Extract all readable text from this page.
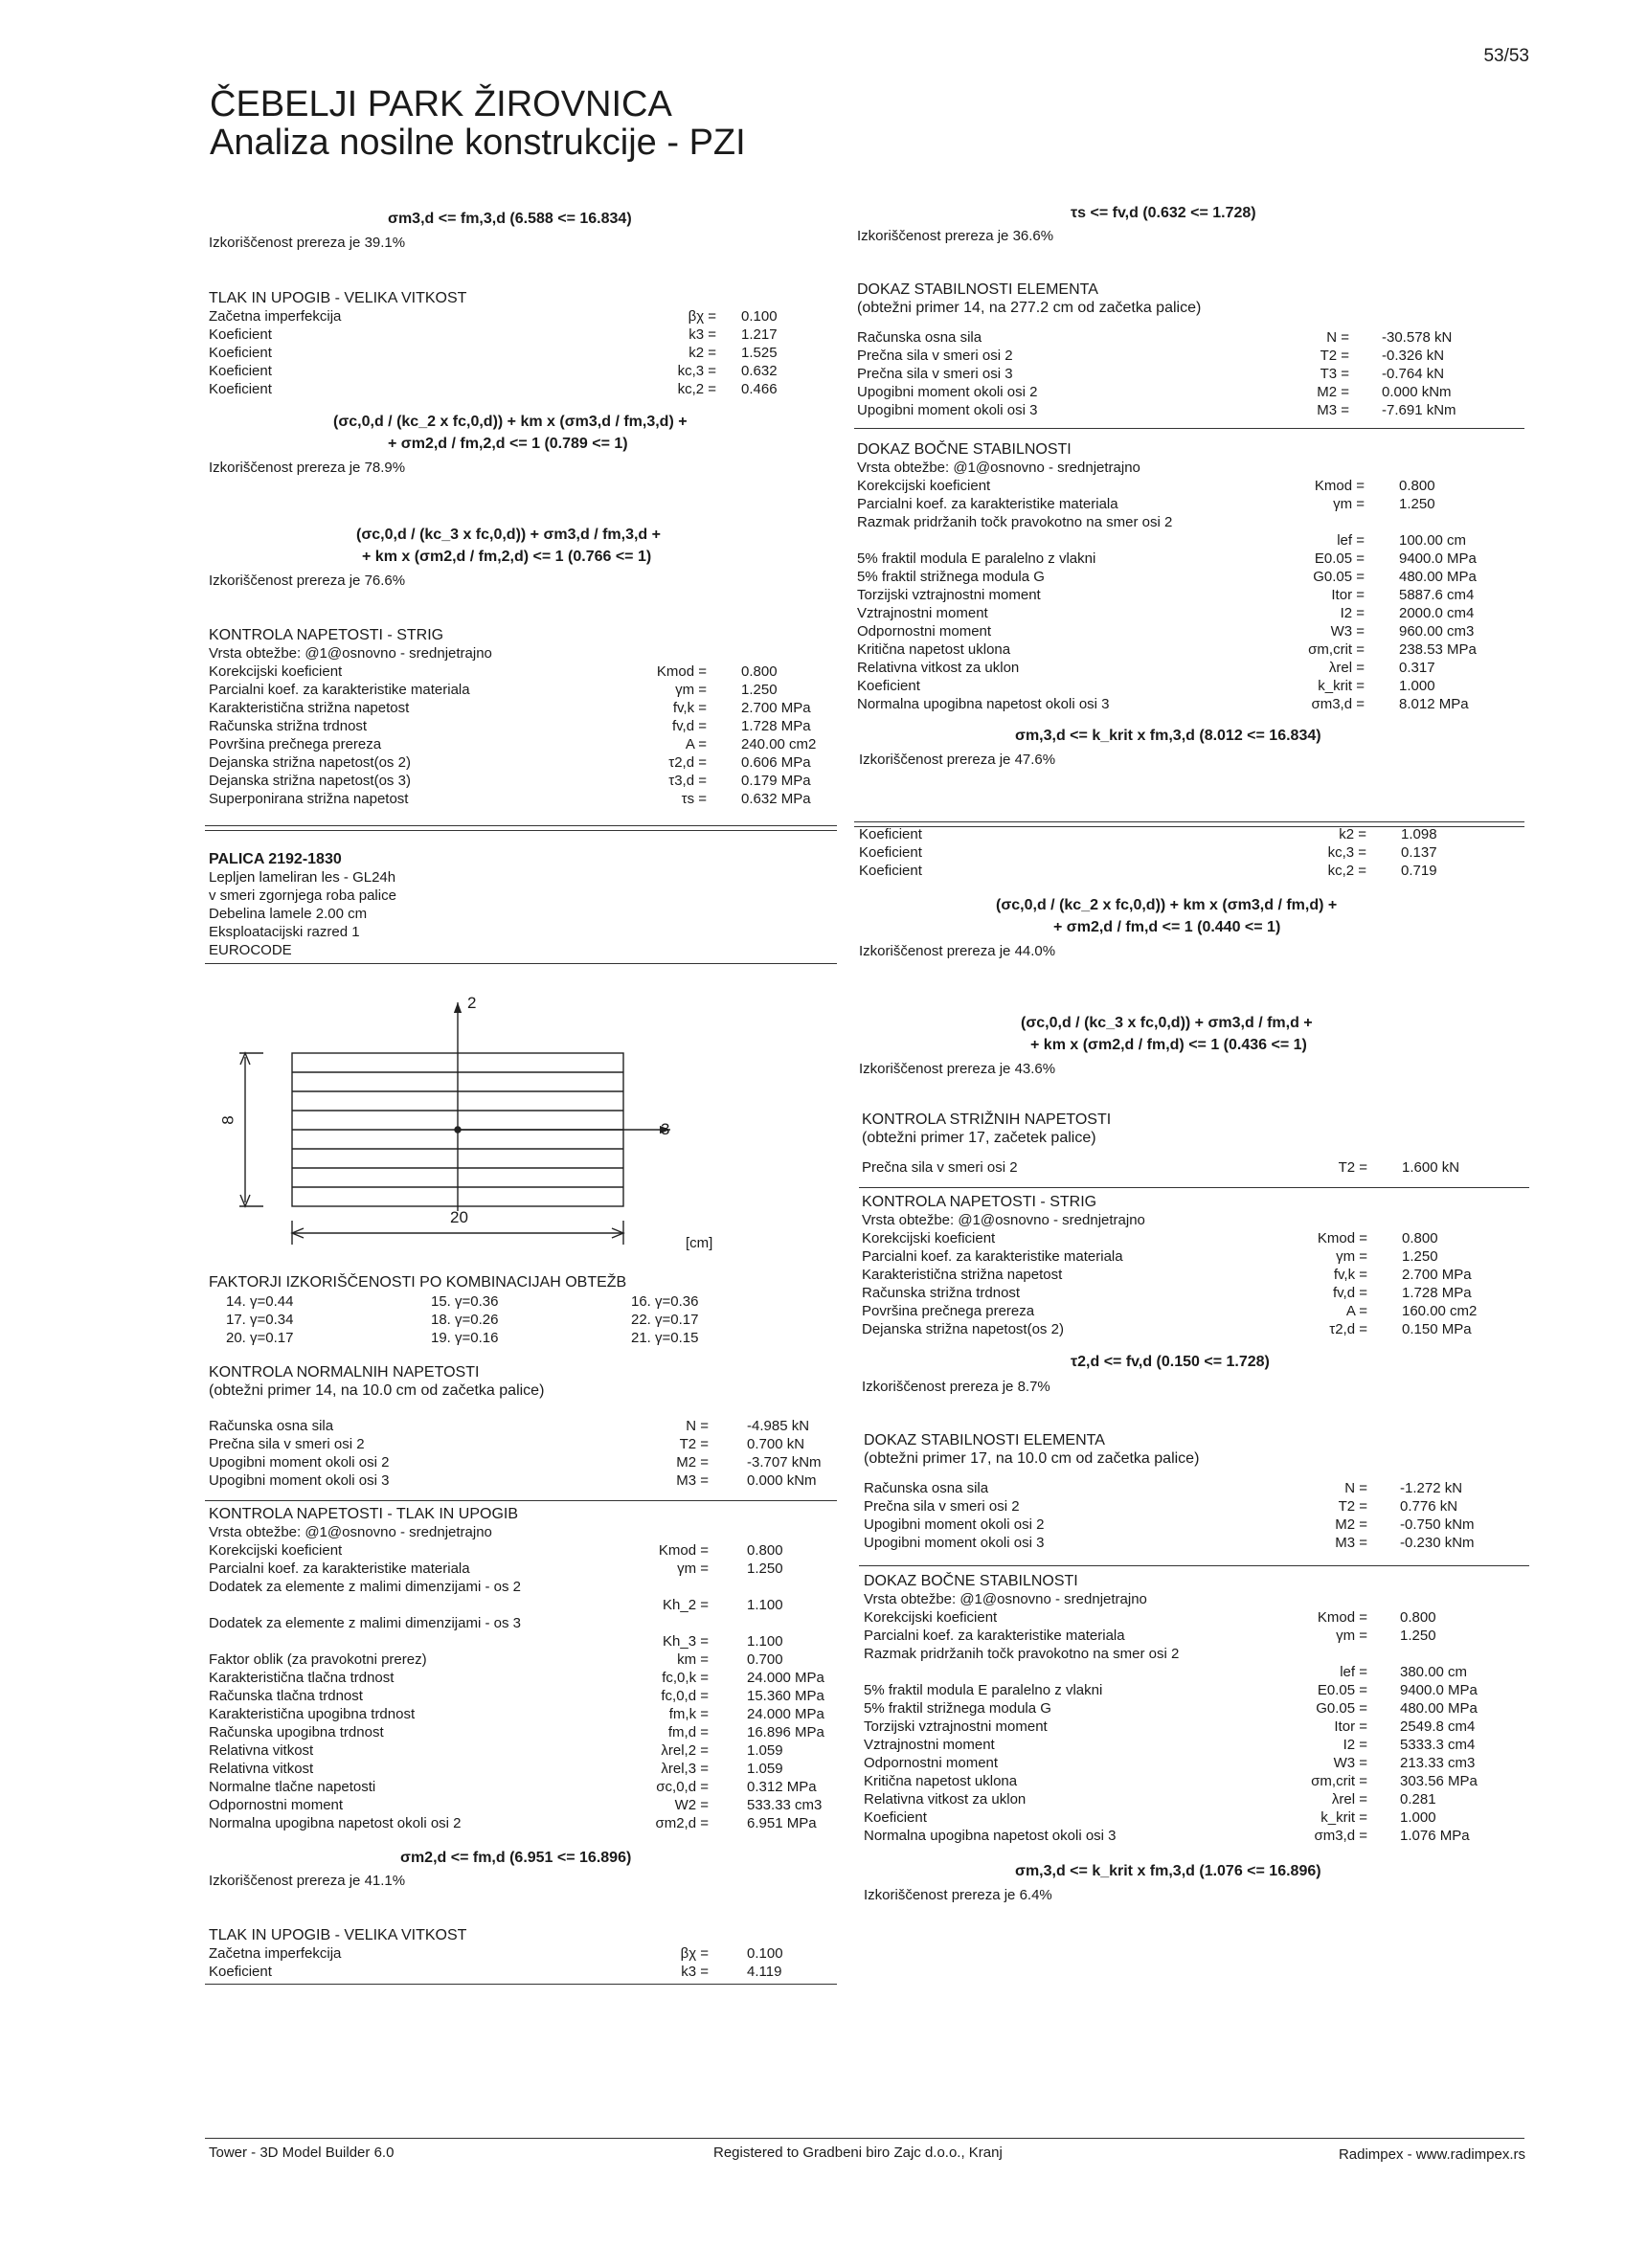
53/53
ČEBELJI PARK ŽIROVNICA
Analiza nosilne konstrukcije - PZI
σm3,d <= fm,3,d (6.588 <= 16.834)
Izkoriščenost prereza je 39.1%
TLAK IN UPOGIB - VELIKA VITKOST
Začetna imperfekcija	βχ = 0.100
Koeficient	k3 = 1.217
Koeficient	k2 = 1.525
Koeficient	kc,3 = 0.632
Koeficient	kc,2 = 0.466
(σc,0,d / (kc_2 x fc,0,d)) + km x (σm3,d / fm,3,d) +
+ σm2,d / fm,2,d <= 1 (0.789 <= 1)
Izkoriščenost prereza je 78.9%
(σc,0,d / (kc_3 x fc,0,d)) + σm3,d / fm,3,d +
+ km x (σm2,d / fm,2,d) <= 1 (0.766 <= 1)
Izkoriščenost prereza je 76.6%
KONTROLA NAPETOSTI - STRIG
Vrsta obtežbe: @1@osnovno - srednjetrajno
Korekcijski koeficient	Kmod = 0.800
Parcialni koef. za karakteristike materiala	γm = 1.250
Karakteristična strižna napetost	fv,k = 2.700 MPa
Računska strižna trdnost	fv,d = 1.728 MPa
Površina prečnega prereza	A = 240.00 cm2
Dejanska strižna napetost(os 2)	τ2,d = 0.606 MPa
Dejanska strižna napetost(os 3)	τ3,d = 0.179 MPa
Superponirana strižna napetost	τs = 0.632 MPa
PALICA 2192-1830
Lepljen lameliran les - GL24h
v smeri zgornjega roba palice
Debelina lamele 2.00 cm
Eksploatacijski razred 1
EUROCODE
2
3
8
20
[cm]
FAKTORJI IZKORIŠČENOSTI PO KOMBINACIJAH OBTEŽB
14. γ=0.44	15. γ=0.36	16. γ=0.36
17. γ=0.34	18. γ=0.26	22. γ=0.17
20. γ=0.17	19. γ=0.16	21. γ=0.15
KONTROLA NORMALNIH NAPETOSTI
(obtežni primer 14, na 10.0 cm od začetka palice)
Računska osna sila	N =	-4.985 kN
Prečna sila v smeri osi 2	T2 =	0.700 kN
Upogibni moment okoli osi 2	M2 =	-3.707 kNm
Upogibni moment okoli osi 3	M3 =	0.000 kNm
KONTROLA NAPETOSTI - TLAK IN UPOGIB
Vrsta obtežbe: @1@osnovno - srednjetrajno
Korekcijski koeficient	Kmod =	0.800
Parcialni koef. za karakteristike materiala	γm =	1.250
Dodatek za elemente z malimi dimenzijami - os 2
Kh_2 =	1.100
Dodatek za elemente z malimi dimenzijami - os 3
Kh_3 =	1.100
Faktor oblik (za pravokotni prerez)	km =	0.700
Karakteristična tlačna trdnost	fc,0,k =	24.000 MPa
Računska tlačna trdnost	fc,0,d =	15.360 MPa
Karakteristična upogibna trdnost	fm,k =	24.000 MPa
Računska upogibna trdnost	fm,d =	16.896 MPa
Relativna vitkost	λrel,2 =	1.059
Relativna vitkost	λrel,3 =	1.059
Normalne tlačne napetosti	σc,0,d =	0.312 MPa
Odpornostni moment	W2 =	533.33 cm3
Normalna upogibna napetost okoli osi 2	σm2,d =	6.951 MPa
σm2,d <= fm,d (6.951 <= 16.896)
Izkoriščenost prereza je 41.1%
TLAK IN UPOGIB - VELIKA VITKOST
Začetna imperfekcija	βχ =	0.100
Koeficient	k3 =	4.119
τs <= fv,d (0.632 <= 1.728)
Izkoriščenost prereza je 36.6%
DOKAZ STABILNOSTI ELEMENTA
(obtežni primer 14, na 277.2 cm od začetka palice)
Računska osna sila	N = -30.578 kN
Prečna sila v smeri osi 2	T2 = -0.326 kN
Prečna sila v smeri osi 3	T3 = -0.764 kN
Upogibni moment okoli osi 2	M2 = 0.000 kNm
Upogibni moment okoli osi 3	M3 = -7.691 kNm
DOKAZ BOČNE STABILNOSTI
Vrsta obtežbe: @1@osnovno - srednjetrajno
Korekcijski koeficient	Kmod = 0.800
Parcialni koef. za karakteristike materiala	γm = 1.250
Razmak pridržanih točk pravokotno na smer osi 2
lef = 100.00 cm
5% fraktil modula E paralelno z vlakni	E0.05 = 9400.0 MPa
5% fraktil strižnega modula G	G0.05 = 480.00 MPa
Torzijski vztrajnostni moment	Itor = 5887.6 cm4
Vztrajnostni moment	I2 = 2000.0 cm4
Odpornostni moment	W3 = 960.00 cm3
Kritična napetost uklona	σm,crit = 238.53 MPa
Relativna vitkost za uklon	λrel = 0.317
Koeficient	k_krit = 1.000
Normalna upogibna napetost okoli osi 3	σm3,d = 8.012 MPa
σm,3,d <= k_krit x fm,3,d (8.012 <= 16.834)
Izkoriščenost prereza je 47.6%
Koeficient	k2 = 1.098
Koeficient	kc,3 = 0.137
Koeficient	kc,2 = 0.719
(σc,0,d / (kc_2 x fc,0,d)) + km x (σm3,d / fm,d) +
+ σm2,d / fm,d <= 1 (0.440 <= 1)
Izkoriščenost prereza je 44.0%
(σc,0,d / (kc_3 x fc,0,d)) + σm3,d / fm,d +
+ km x (σm2,d / fm,d) <= 1 (0.436 <= 1)
Izkoriščenost prereza je 43.6%
KONTROLA STRIŽNIH NAPETOSTI
(obtežni primer 17, začetek palice)
Prečna sila v smeri osi 2	T2 = 1.600 kN
KONTROLA NAPETOSTI - STRIG
Vrsta obtežbe: @1@osnovno - srednjetrajno
Korekcijski koeficient	Kmod = 0.800
Parcialni koef. za karakteristike materiala	γm = 1.250
Karakteristična strižna napetost	fv,k = 2.700 MPa
Računska strižna trdnost	fv,d = 1.728 MPa
Površina prečnega prereza	A = 160.00 cm2
Dejanska strižna napetost(os 2)	τ2,d = 0.150 MPa
τ2,d <= fv,d (0.150 <= 1.728)
Izkoriščenost prereza je 8.7%
DOKAZ STABILNOSTI ELEMENTA
(obtežni primer 17, na 10.0 cm od začetka palice)
Računska osna sila	N = -1.272 kN
Prečna sila v smeri osi 2	T2 = 0.776 kN
Upogibni moment okoli osi 2	M2 = -0.750 kNm
Upogibni moment okoli osi 3	M3 = -0.230 kNm
DOKAZ BOČNE STABILNOSTI
Vrsta obtežbe: @1@osnovno - srednjetrajno
Korekcijski koeficient	Kmod = 0.800
Parcialni koef. za karakteristike materiala	γm = 1.250
Razmak pridržanih točk pravokotno na smer osi 2
lef = 380.00 cm
5% fraktil modula E paralelno z vlakni	E0.05 = 9400.0 MPa
5% fraktil strižnega modula G	G0.05 = 480.00 MPa
Torzijski vztrajnostni moment	Itor = 2549.8 cm4
Vztrajnostni moment	I2 = 5333.3 cm4
Odpornostni moment	W3 = 213.33 cm3
Kritična napetost uklona	σm,crit = 303.56 MPa
Relativna vitkost za uklon	λrel = 0.281
Koeficient	k_krit = 1.000
Normalna upogibna napetost okoli osi 3	σm3,d = 1.076 MPa
σm,3,d <= k_krit x fm,3,d (1.076 <= 16.896)
Izkoriščenost prereza je 6.4%
Tower - 3D Model Builder 6.0	Registered to Gradbeni biro Zajc d.o.o., Kranj	Radimpex - www.radimpex.rs
